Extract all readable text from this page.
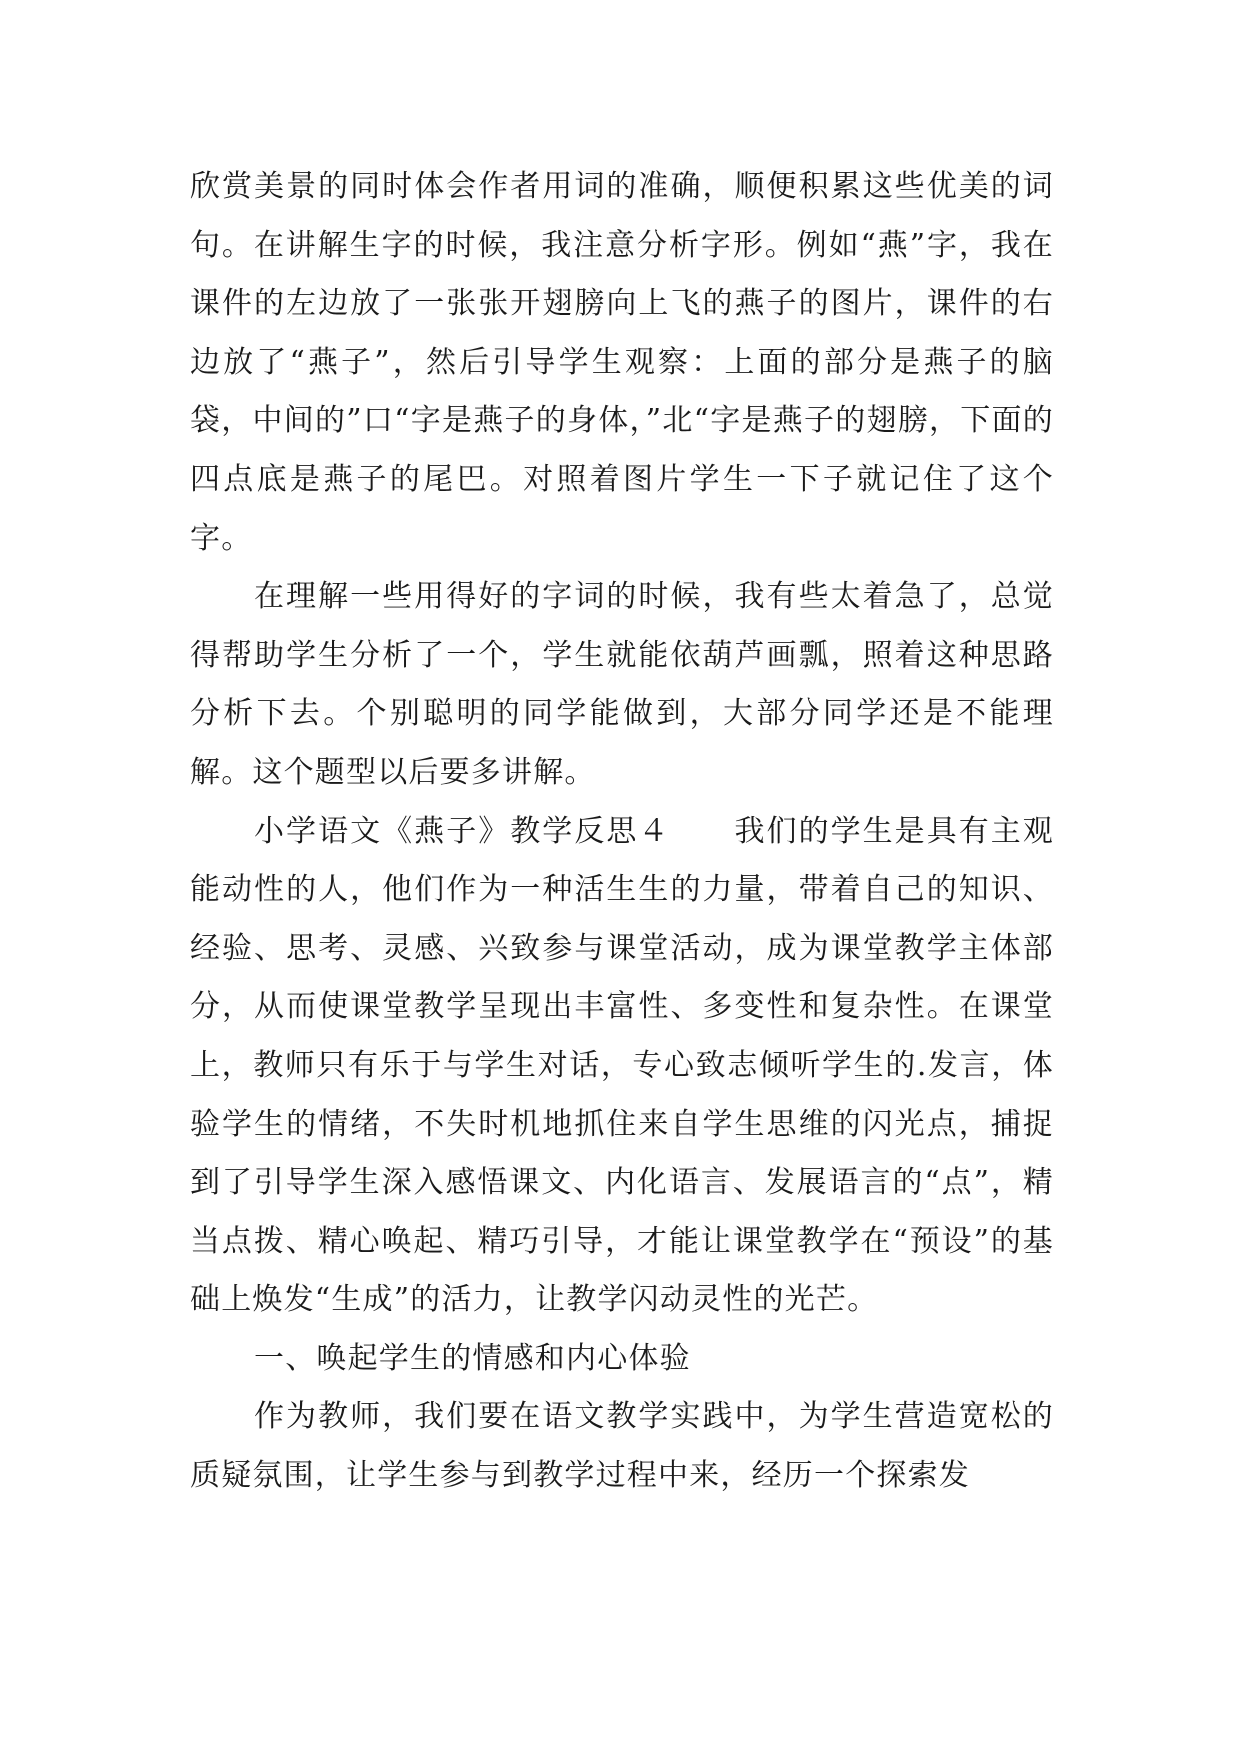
欣赏美景的同时体会作者用词的准确，顺便积累这些优美的词句。在讲解生字的时候，我注意分析字形。例如“燕”字，我在课件的左边放了一张张开翅膀向上飞的燕子的图片，课件的右边放了“燕子”，然后引导学生观察：上面的部分是燕子的脑袋，中间的”口“字是燕子的身体，”北“字是燕子的翅膀，下面的四点底是燕子的尾巴。对照着图片学生一下子就记住了这个字。

在理解一些用得好的字词的时候，我有些太着急了，总觉得帮助学生分析了一个，学生就能依葫芦画瓢，照着这种思路分析下去。个别聪明的同学能做到，大部分同学还是不能理解。这个题型以后要多讲解。

小学语文《燕子》教学反思４　　我们的学生是具有主观能动性的人，他们作为一种活生生的力量，带着自己的知识、经验、思考、灵感、兴致参与课堂活动，成为课堂教学主体部分，从而使课堂教学呈现出丰富性、多变性和复杂性。在课堂上，教师只有乐于与学生对话，专心致志倾听学生的.发言，体验学生的情绪，不失时机地抓住来自学生思维的闪光点，捕捉到了引导学生深入感悟课文、内化语言、发展语言的“点”，精当点拨、精心唤起、精巧引导，才能让课堂教学在“预设”的基础上焕发“生成”的活力，让教学闪动灵性的光芒。

一、唤起学生的情感和内心体验

作为教师，我们要在语文教学实践中，为学生营造宽松的质疑氛围，让学生参与到教学过程中来，经历一个探索发
